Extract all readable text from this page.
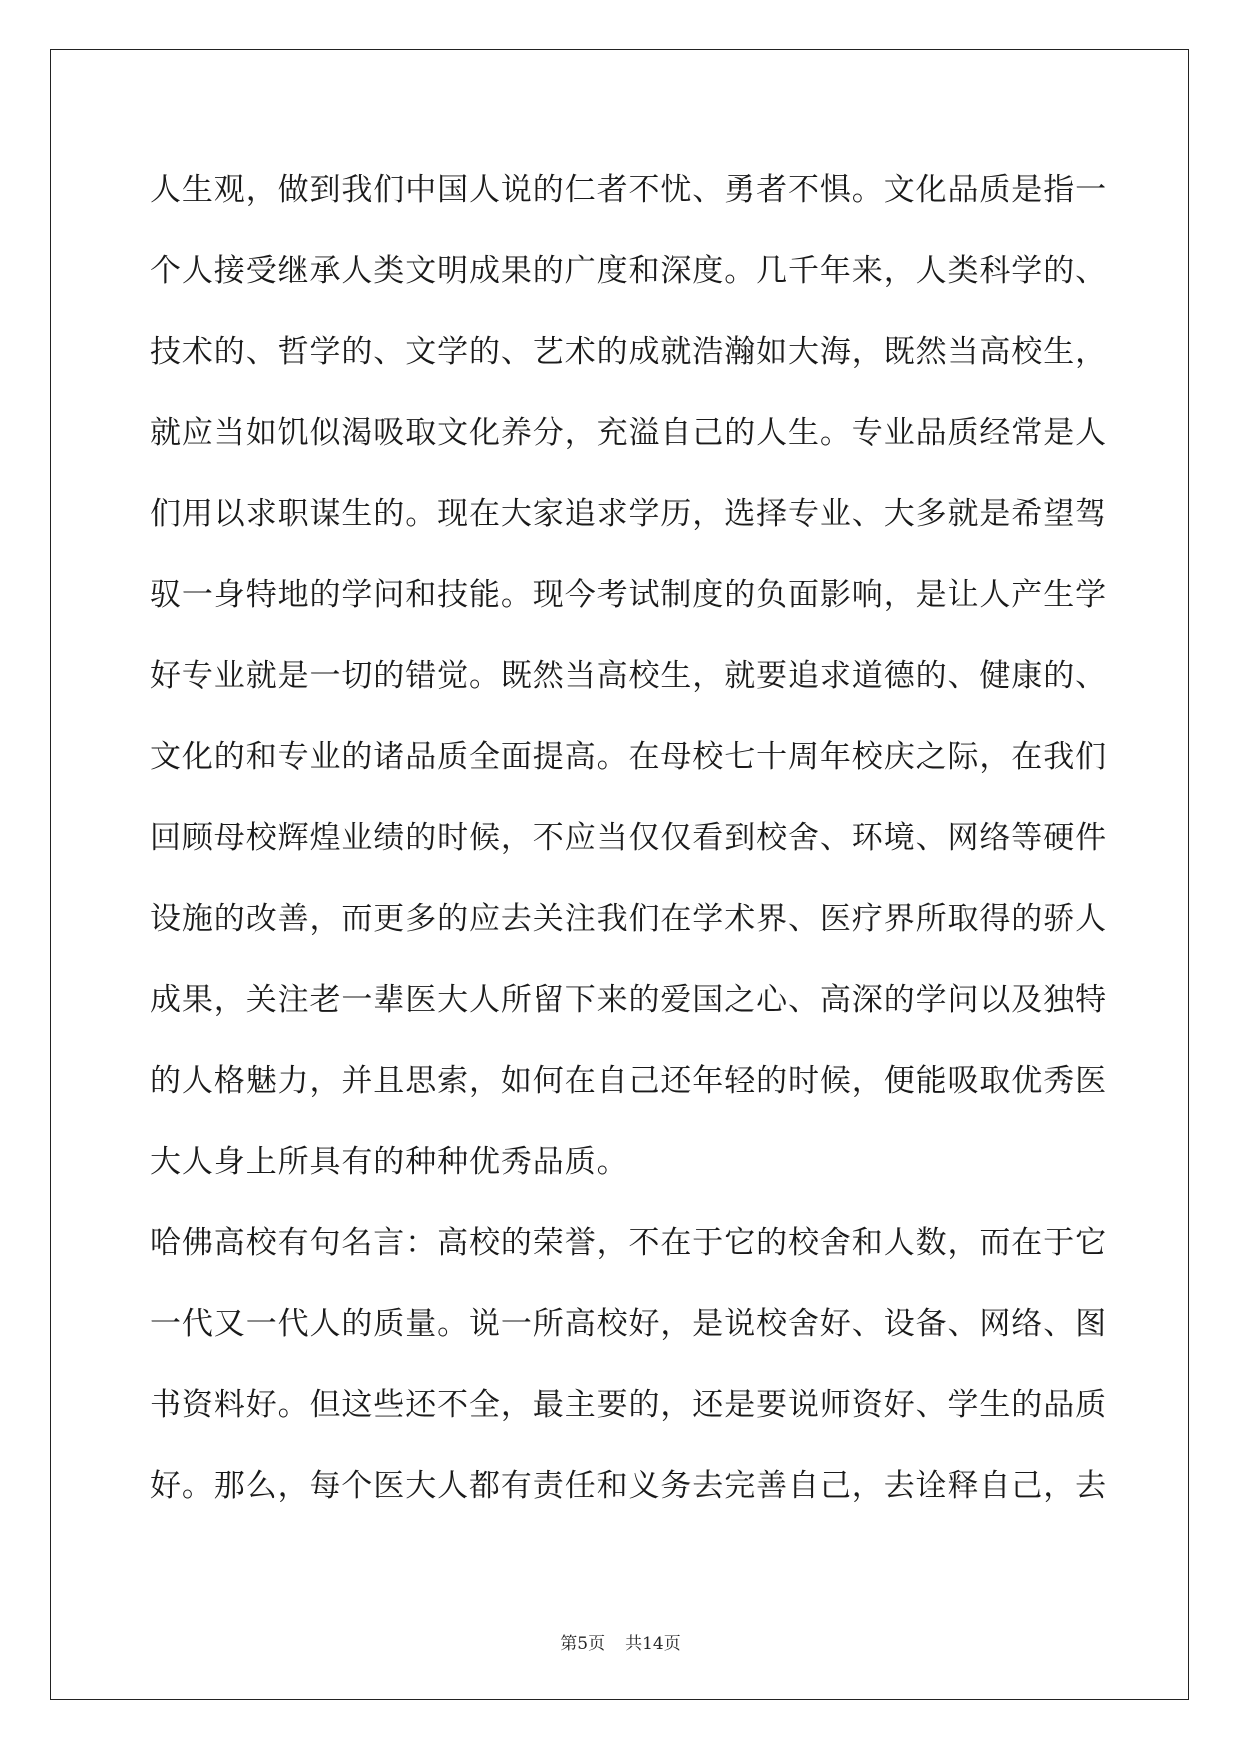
人生观，做到我们中国人说的仁者不忧、勇者不惧。文化品质是指一
个人接受继承人类文明成果的广度和深度。几千年来，人类科学的、
技术的、哲学的、文学的、艺术的成就浩瀚如大海，既然当高校生，
就应当如饥似渴吸取文化养分，充溢自己的人生。专业品质经常是人
们用以求职谋生的。现在大家追求学历，选择专业、大多就是希望驾
驭一身特地的学问和技能。现今考试制度的负面影响，是让人产生学
好专业就是一切的错觉。既然当高校生，就要追求道德的、健康的、
文化的和专业的诸品质全面提高。在母校七十周年校庆之际，在我们
回顾母校辉煌业绩的时候，不应当仅仅看到校舍、环境、网络等硬件
设施的改善，而更多的应去关注我们在学术界、医疗界所取得的骄人
成果，关注老一辈医大人所留下来的爱国之心、高深的学问以及独特
的人格魅力，并且思索，如何在自己还年轻的时候，便能吸取优秀医
大人身上所具有的种种优秀品质。
哈佛高校有句名言：高校的荣誉，不在于它的校舍和人数，而在于它
一代又一代人的质量。说一所高校好，是说校舍好、设备、网络、图
书资料好。但这些还不全，最主要的，还是要说师资好、学生的品质
好。那么，每个医大人都有责任和义务去完善自己，去诠释自己，去
第5页 共14页
